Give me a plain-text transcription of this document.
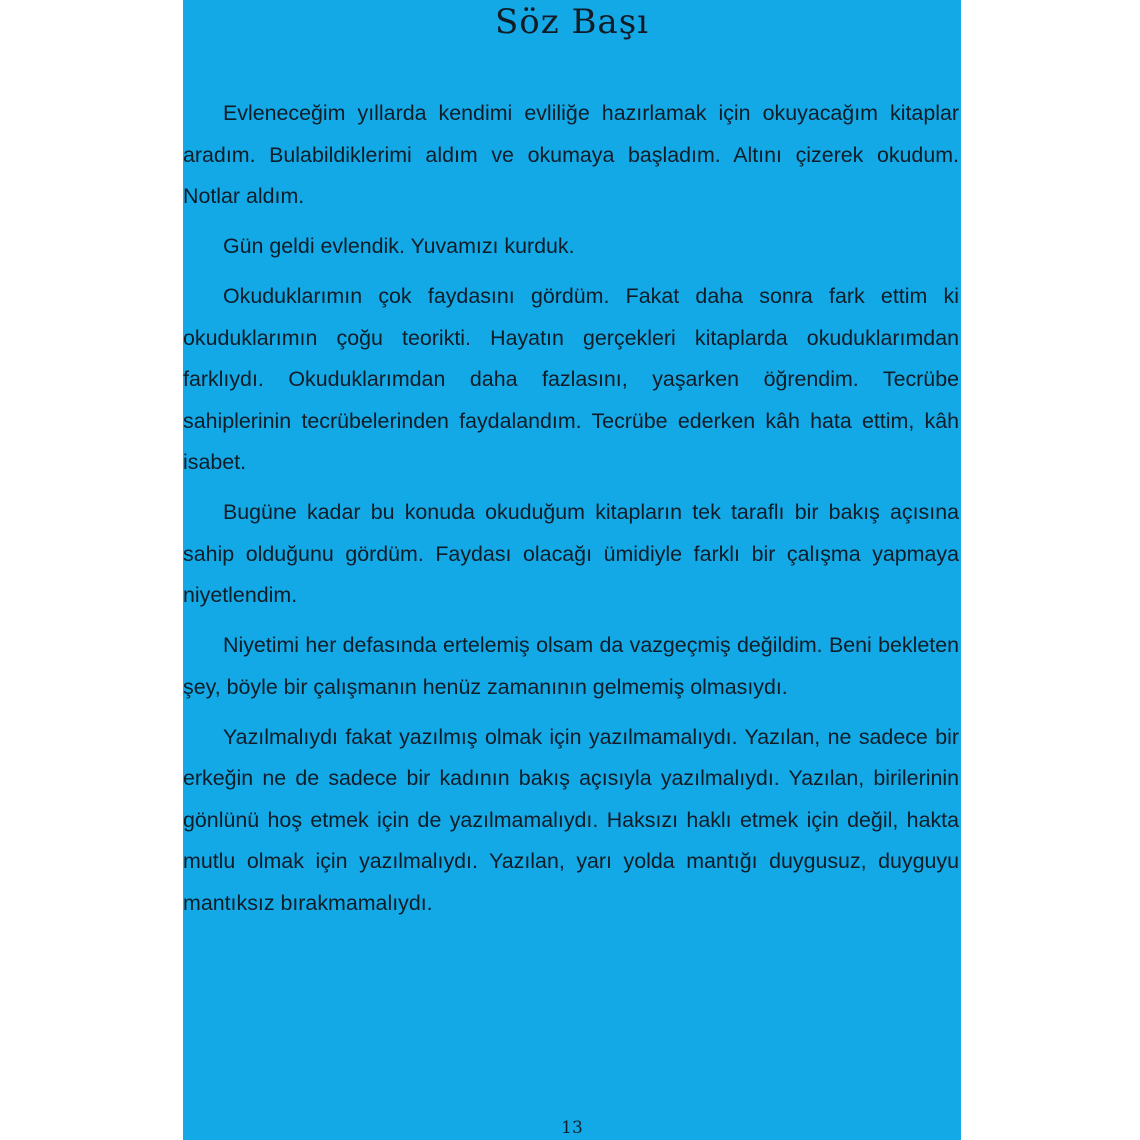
Söz Başı

Evleneceğim yıllarda kendimi evliliğe hazırlamak için okuyacağım kitaplar aradım. Bulabildiklerimi aldım ve okumaya başladım. Altını çizerek okudum. Notlar aldım.

Gün geldi evlendik. Yuvamızı kurduk.

Okuduklarımın çok faydasını gördüm. Fakat daha sonra fark ettim ki okuduklarımın çoğu teorikti. Hayatın gerçekleri kitaplarda okuduklarımdan farklıydı. Okuduklarımdan daha fazlasını, yaşarken öğrendim. Tecrübe sahiplerinin tecrübelerinden faydalandım. Tecrübe ederken kâh hata ettim, kâh isabet.

Bugüne kadar bu konuda okuduğum kitapların tek taraflı bir bakış açısına sahip olduğunu gördüm. Faydası olacağı ümidiyle farklı bir çalışma yapmaya niyetlendim.

Niyetimi her defasında ertelemiş olsam da vazgeçmiş değildim. Beni bekleten şey, böyle bir çalışmanın henüz zamanının gelmemiş olmasıydı.

Yazılmalıydı fakat yazılmış olmak için yazılmamalıydı. Yazılan, ne sadece bir erkeğin ne de sadece bir kadının bakış açısıyla yazılmalıydı. Yazılan, birilerinin gönlünü hoş etmek için de yazılmamalıydı. Haksızı haklı etmek için değil, hakta mutlu olmak için yazılmalıydı. Yazılan, yarı yolda mantığı duygusuz, duyguyu mantıksız bırakmamalıydı.

13
